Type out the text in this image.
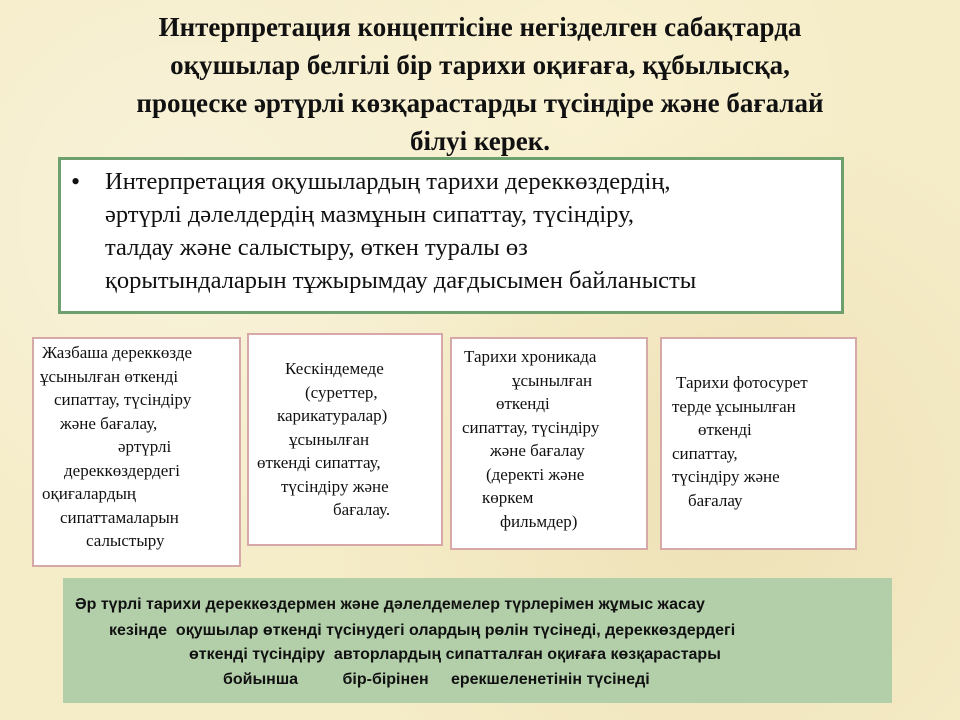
Интерпретация концептісіне негізделген сабақтарда
оқушылар белгілі бір тарихи оқиғаға, құбылысқа,
процеске әртүрлі көзқарастарды түсіндіре және бағалай
білуі керек.
• Интерпретация оқушылардың тарихи дереккөздердің,
әртүрлі дәлелдердің мазмұнын сипаттау, түсіндіру,
талдау және салыстыру, өткен туралы өз
қорытындаларын тұжырымдау дағдысымен байланысты

Жазбаша дереккөзде
ұсынылған өткенді
сипаттау, түсіндіру
және бағалау,
әртүрлі
дереккөздердегі
оқиғалардың
сипаттамаларын
салыстыру
Кескіндемеде
(суреттер,
карикатуралар)
ұсынылған
өткенді сипаттау,
түсіндіру және
бағалау.
Тарихи хроникада
ұсынылған
өткенді
сипаттау, түсіндіру
және бағалау
(деректі және
көркем
фильмдер)
Тарихи фотосурет
терде ұсынылған
өткенді
сипаттау,
түсіндіру және
бағалау
Әр түрлі тарихи дереккөздермен және дәлелдемелер түрлерімен жұмыс жасау
кезінде  оқушылар өткенді түсінудегі олардың рөлін түсінеді, дереккөздердегі
өткенді түсіндіру  авторлардың сипатталған оқиғаға көзқарастары
бойынша          бір-бірінен     ерекшеленетінін түсінеді
